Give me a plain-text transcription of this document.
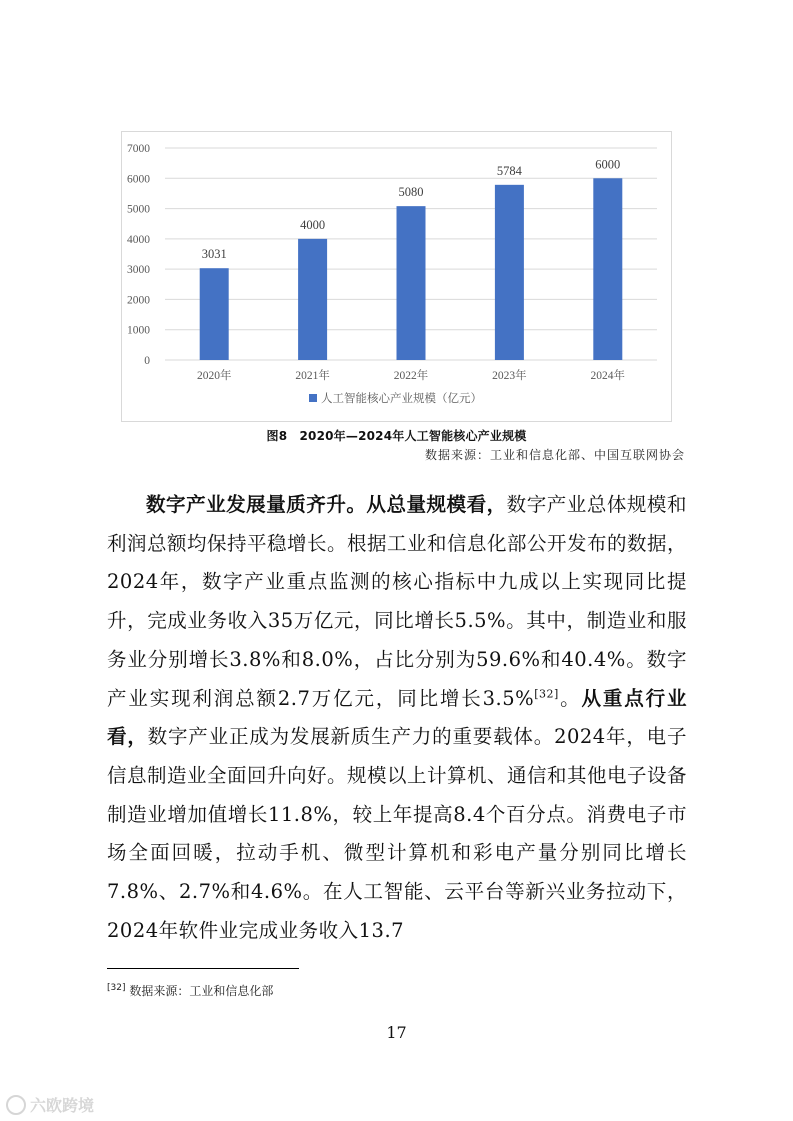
0
1000
2000
3000
4000
5000
6000
7000
3031
2020年
4000
2021年
5080
2022年
5784
2023年
6000
2024年
人工智能核心产业规模（亿元）
图8　2020年—2024年人工智能核心产业规模
数据来源：工业和信息化部、中国互联网协会
数字产业发展量质齐升。从总量规模看，数字产业总体规模和利润总额均保持平稳增长。根据工业和信息化部公开发布的数据，2024年，数字产业重点监测的核心指标中九成以上实现同比提升，完成业务收入35万亿元，同比增长5.5%。其中，制造业和服务业分别增长3.8%和8.0%，占比分别为59.6%和40.4%。数字产业实现利润总额2.7万亿元，同比增长3.5%[32]。从重点行业看，数字产业正成为发展新质生产力的重要载体。2024年，电子信息制造业全面回升向好。规模以上计算机、通信和其他电子设备制造业增加值增长11.8%，较上年提高8.4个百分点。消费电子市场全面回暖，拉动手机、微型计算机和彩电产量分别同比增长7.8%、2.7%和4.6%。在人工智能、云平台等新兴业务拉动下，2024年软件业完成业务收入13.7
[32] 数据来源：工业和信息化部
17
六欧跨境
